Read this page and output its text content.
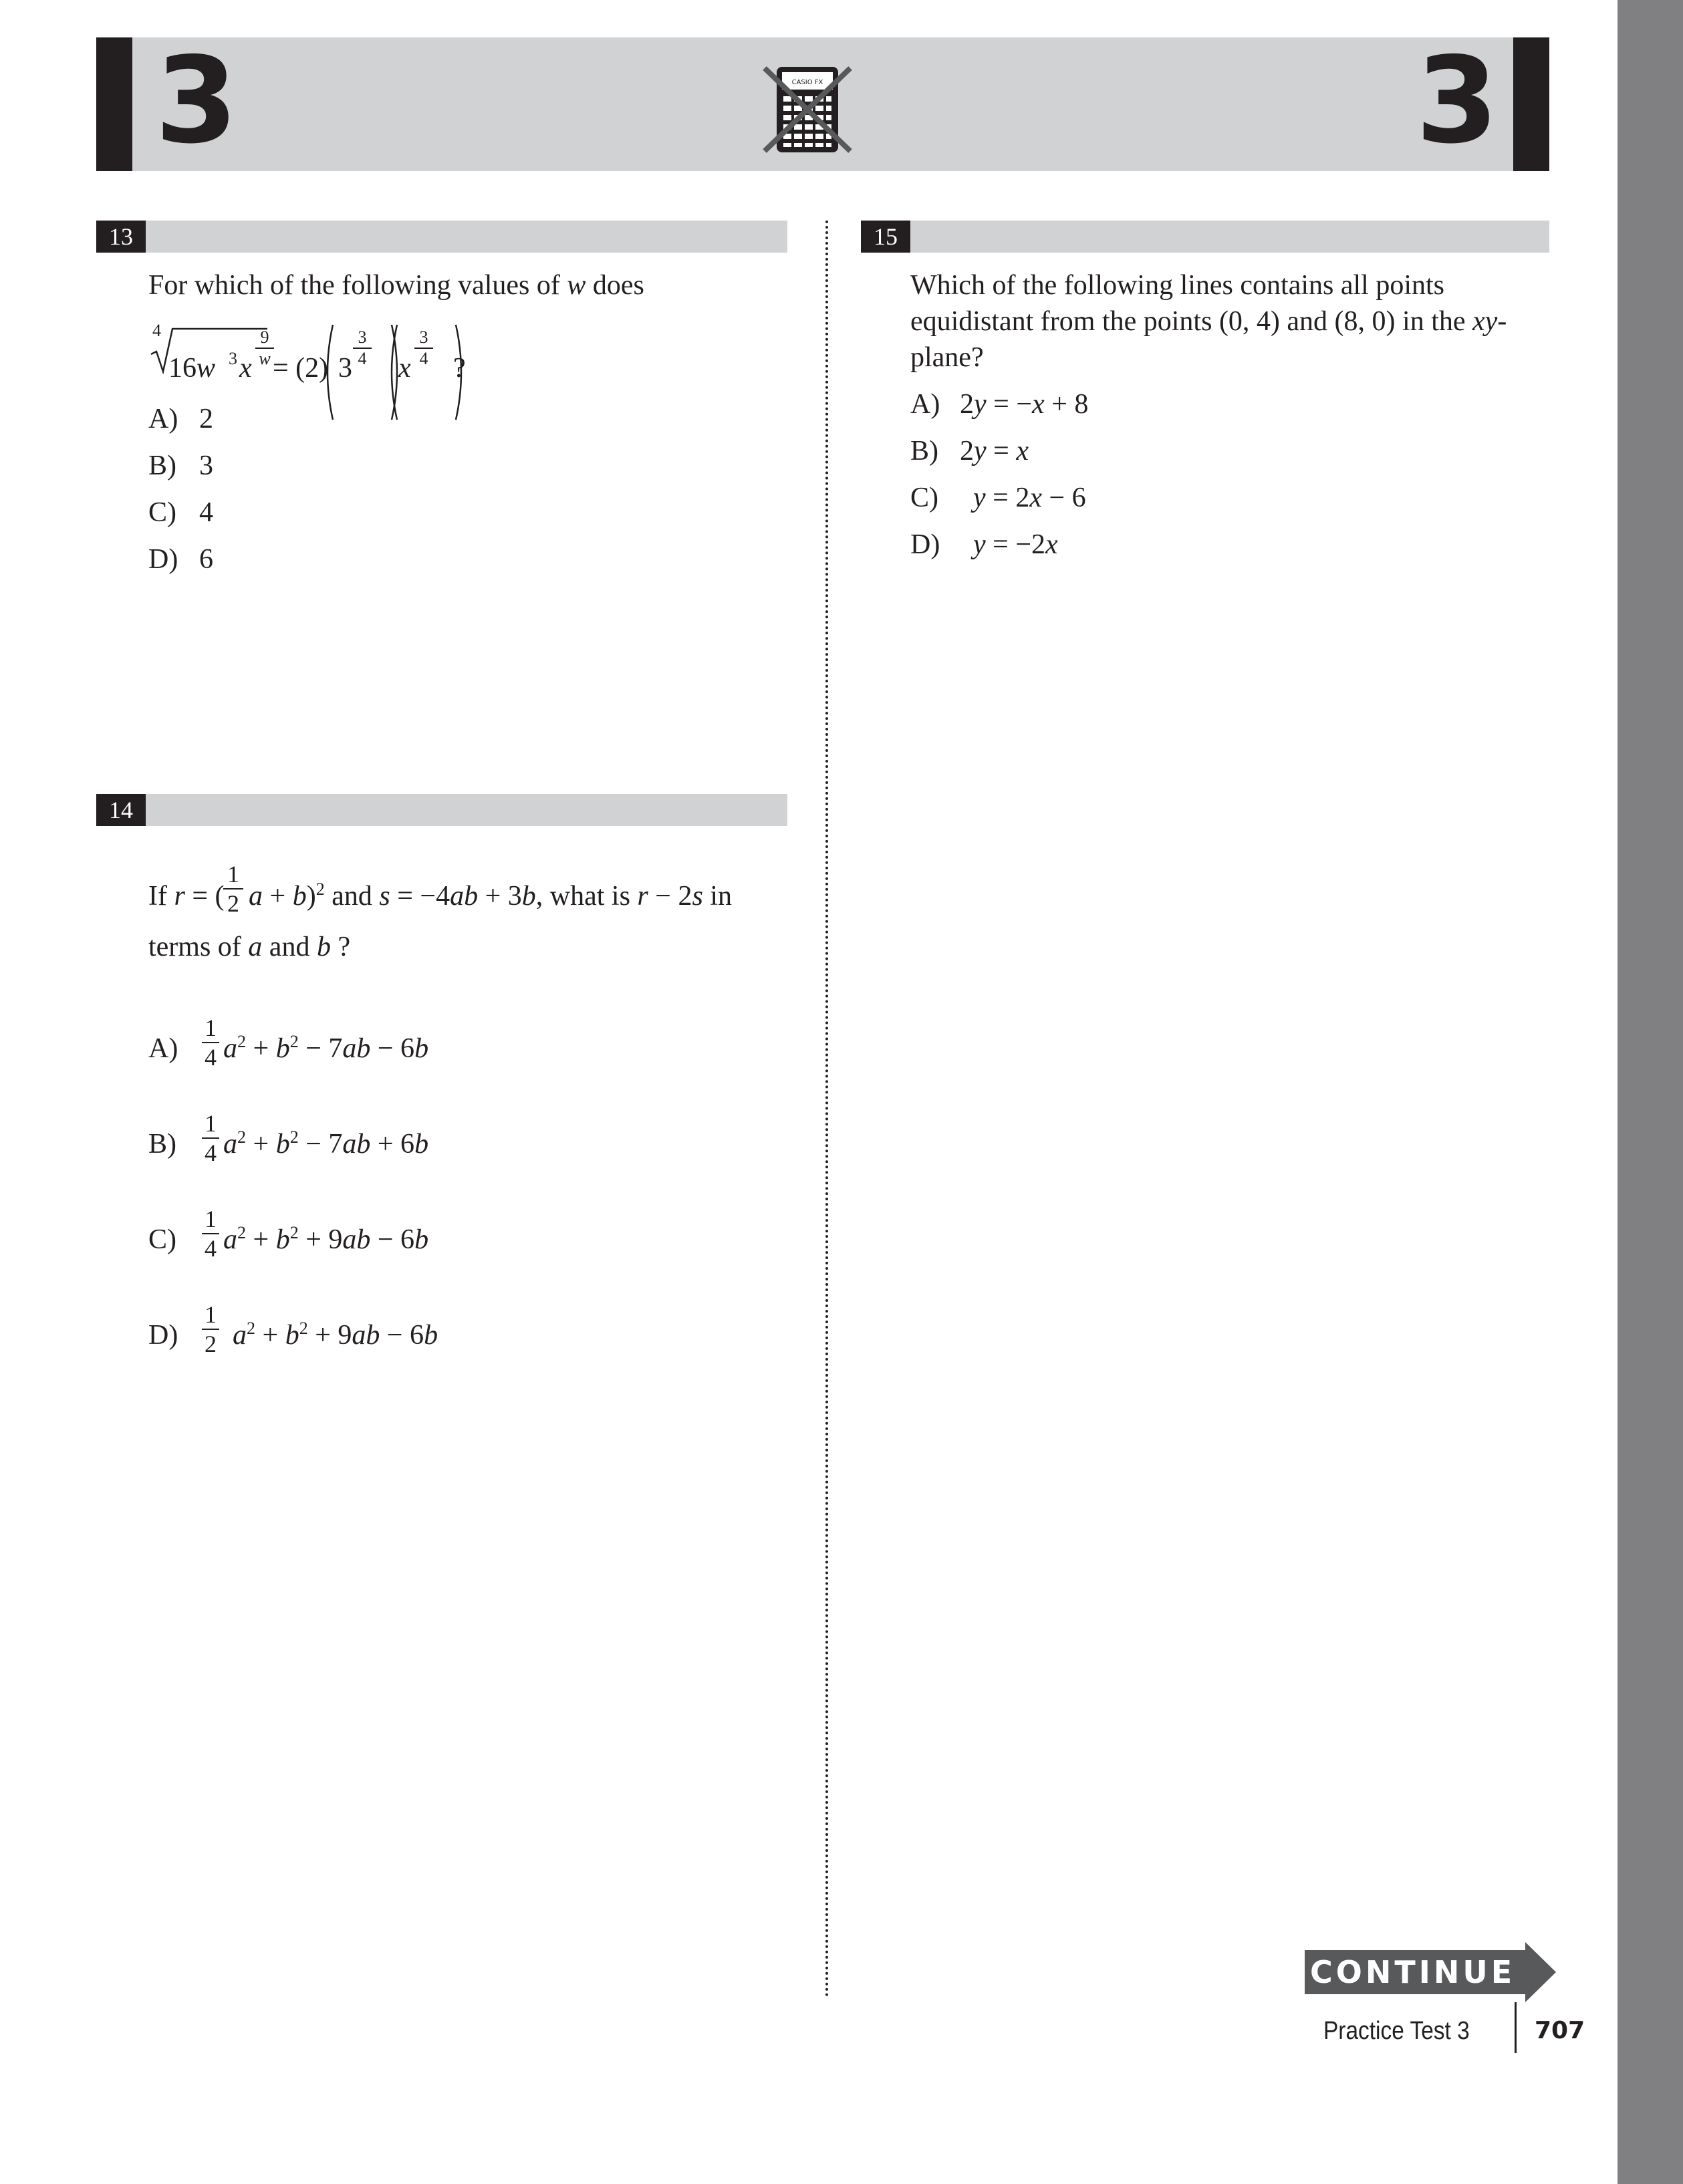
3	3
CASIO FX
13	15
14
For which of the following values of w does
4
16w 3 x
9
w = (2) 3
3
4 x
3
4 ?
A) 2
B) 3
C) 4
D) 6
If r = (
1
2 a + b)$^2$ and s = −4ab + 3b, what is r − 2s in
terms of a and b ?
A)
1
4 $a^2 + b^2 - 7ab - 6b$
B)
1
4 $a^2 + b^2 - 7ab + 6b$
C)
1
4 $a^2 + b^2 + 9ab - 6b$
D)
1
2 $a^2 + b^2 + 9ab - 6b$
Which of the following lines contains all points
equidistant from the points (0, 4) and (8, 0) in the xy-
plane?
A) 2y = −x + 8
B) 2y = x
C) y = 2x − 6
D) y = −2x
CONTINUE
Practice Test 3	707
